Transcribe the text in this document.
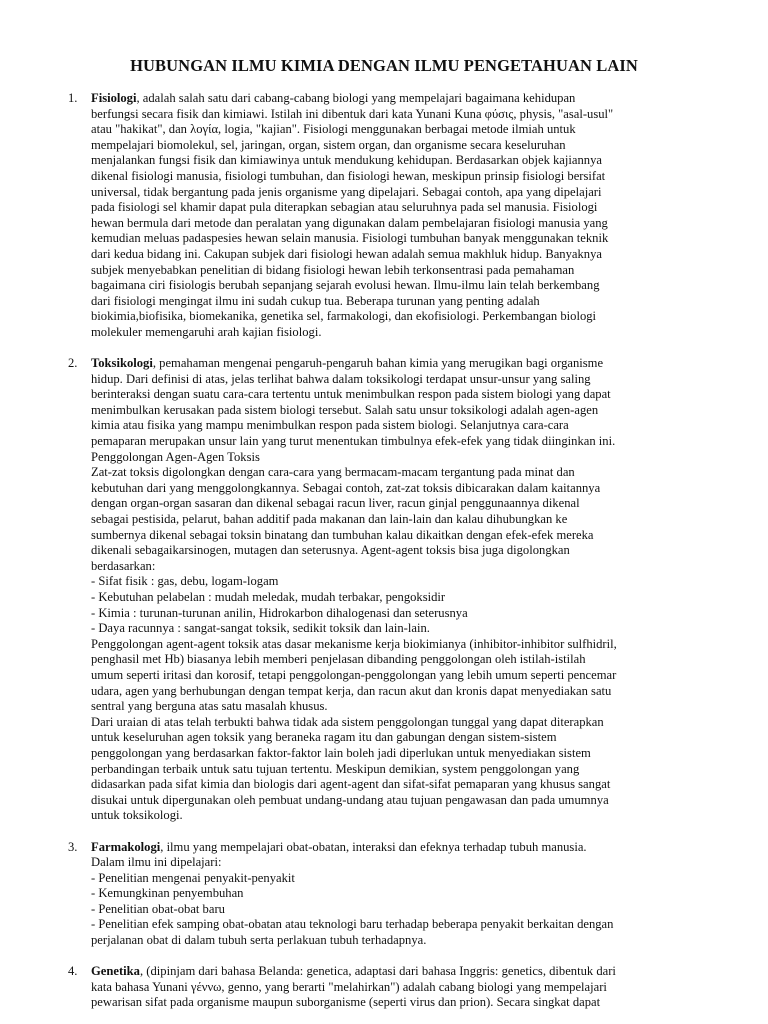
HUBUNGAN ILMU KIMIA DENGAN ILMU PENGETAHUAN LAIN
1. Fisiologi, adalah salah satu dari cabang-cabang biologi yang mempelajari bagaimana kehidupan
berfungsi secara fisik dan kimiawi. Istilah ini dibentuk dari kata Yunani Kuna φύσις, physis, "asal-usul"
atau "hakikat", dan λογία, logia, "kajian". Fisiologi menggunakan berbagai metode ilmiah untuk
mempelajari biomolekul, sel, jaringan, organ, sistem organ, dan organisme secara keseluruhan
menjalankan fungsi fisik dan kimiawinya untuk mendukung kehidupan. Berdasarkan objek kajiannya
dikenal fisiologi manusia, fisiologi tumbuhan, dan fisiologi hewan, meskipun prinsip fisiologi bersifat
universal, tidak bergantung pada jenis organisme yang dipelajari. Sebagai contoh, apa yang dipelajari
pada fisiologi sel khamir dapat pula diterapkan sebagian atau seluruhnya pada sel manusia. Fisiologi
hewan bermula dari metode dan peralatan yang digunakan dalam pembelajaran fisiologi manusia yang
kemudian meluas padaspesies hewan selain manusia. Fisiologi tumbuhan banyak menggunakan teknik
dari kedua bidang ini. Cakupan subjek dari fisiologi hewan adalah semua makhluk hidup. Banyaknya
subjek menyebabkan penelitian di bidang fisiologi hewan lebih terkonsentrasi pada pemahaman
bagaimana ciri fisiologis berubah sepanjang sejarah evolusi hewan. Ilmu-ilmu lain telah berkembang
dari fisiologi mengingat ilmu ini sudah cukup tua. Beberapa turunan yang penting adalah
biokimia,biofisika, biomekanika, genetika sel, farmakologi, dan ekofisiologi. Perkembangan biologi
molekuler memengaruhi arah kajian fisiologi.
2. Toksikologi, pemahaman mengenai pengaruh-pengaruh bahan kimia yang merugikan bagi organisme
hidup. Dari definisi di atas, jelas terlihat bahwa dalam toksikologi terdapat unsur-unsur yang saling
berinteraksi dengan suatu cara-cara tertentu untuk menimbulkan respon pada sistem biologi yang dapat
menimbulkan kerusakan pada sistem biologi tersebut. Salah satu unsur toksikologi adalah agen-agen
kimia atau fisika yang mampu menimbulkan respon pada sistem biologi. Selanjutnya cara-cara
pemaparan merupakan unsur lain yang turut menentukan timbulnya efek-efek yang tidak diinginkan ini.
Penggolongan Agen-Agen Toksis
Zat-zat toksis digolongkan dengan cara-cara yang bermacam-macam tergantung pada minat dan
kebutuhan dari yang menggolongkannya. Sebagai contoh, zat-zat toksis dibicarakan dalam kaitannya
dengan organ-organ sasaran dan dikenal sebagai racun liver, racun ginjal penggunaannya dikenal
sebagai pestisida, pelarut, bahan additif pada makanan dan lain-lain dan kalau dihubungkan ke
sumbernya dikenal sebagai toksin binatang dan tumbuhan kalau dikaitkan dengan efek-efek mereka
dikenali sebagaikarsinogen, mutagen dan seterusnya. Agent-agent toksis bisa juga digolongkan
berdasarkan:
- Sifat fisik : gas, debu, logam-logam
- Kebutuhan pelabelan : mudah meledak, mudah terbakar, pengoksidir
- Kimia : turunan-turunan anilin, Hidrokarbon dihalogenasi dan seterusnya
- Daya racunnya : sangat-sangat toksik, sedikit toksik dan lain-lain.
Penggolongan agent-agent toksik atas dasar mekanisme kerja biokimianya (inhibitor-inhibitor sulfhidril,
penghasil met Hb) biasanya lebih memberi penjelasan dibanding penggolongan oleh istilah-istilah
umum seperti iritasi dan korosif, tetapi penggolongan-penggolongan yang lebih umum seperti pencemar
udara, agen yang berhubungan dengan tempat kerja, dan racun akut dan kronis dapat menyediakan satu
sentral yang berguna atas satu masalah khusus.
Dari uraian di atas telah terbukti bahwa tidak ada sistem penggolongan tunggal yang dapat diterapkan
untuk keseluruhan agen toksik yang beraneka ragam itu dan gabungan dengan sistem-sistem
penggolongan yang berdasarkan faktor-faktor lain boleh jadi diperlukan untuk menyediakan sistem
perbandingan terbaik untuk satu tujuan tertentu. Meskipun demikian, system penggolongan yang
didasarkan pada sifat kimia dan biologis dari agent-agent dan sifat-sifat pemaparan yang khusus sangat
disukai untuk dipergunakan oleh pembuat undang-undang atau tujuan pengawasan dan pada umumnya
untuk toksikologi.
3. Farmakologi, ilmu yang mempelajari obat-obatan, interaksi dan efeknya terhadap tubuh manusia.
Dalam ilmu ini dipelajari:
- Penelitian mengenai penyakit-penyakit
- Kemungkinan penyembuhan
- Penelitian obat-obat baru
- Penelitian efek samping obat-obatan atau teknologi baru terhadap beberapa penyakit berkaitan dengan
perjalanan obat di dalam tubuh serta perlakuan tubuh terhadapnya.
4. Genetika, (dipinjam dari bahasa Belanda: genetica, adaptasi dari bahasa Inggris: genetics, dibentuk dari
kata bahasa Yunani γέννω, genno, yang berarti "melahirkan") adalah cabang biologi yang mempelajari
pewarisan sifat pada organisme maupun suborganisme (seperti virus dan prion). Secara singkat dapat
